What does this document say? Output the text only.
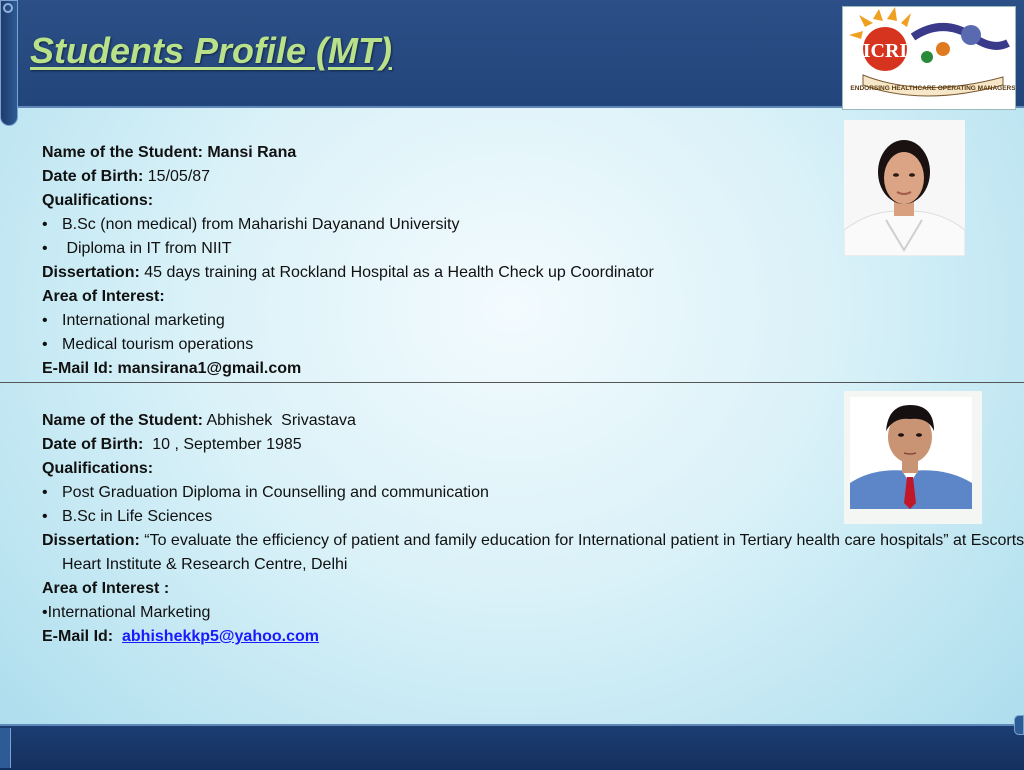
Students Profile (MT)	ICRI
ENDORSING HEALTHCARE OPERATING MANAGERS
Name of the Student: Mansi Rana
Date of Birth: 15/05/87
Qualifications:
• B.Sc (non medical) from Maharishi Dayanand University
•  Diploma in IT from NIIT
Dissertation: 45 days training at Rockland Hospital as a Health Check up Coordinator
Area of Interest:
• International marketing
• Medical tourism operations
E-Mail Id: mansirana1@gmail.com
Name of the Student: Abhishek  Srivastava
Date of Birth:  10 , September 1985
Qualifications:
• Post Graduation Diploma in Counselling and communication
• B.Sc in Life Sciences
Dissertation: “To evaluate the efficiency of patient and family education for International patient in Tertiary health care hospitals” at Escorts Heart Institute & Research Centre, Delhi
Area of Interest :
• International Marketing
E-Mail Id:  abhishekkp5@yahoo.com
